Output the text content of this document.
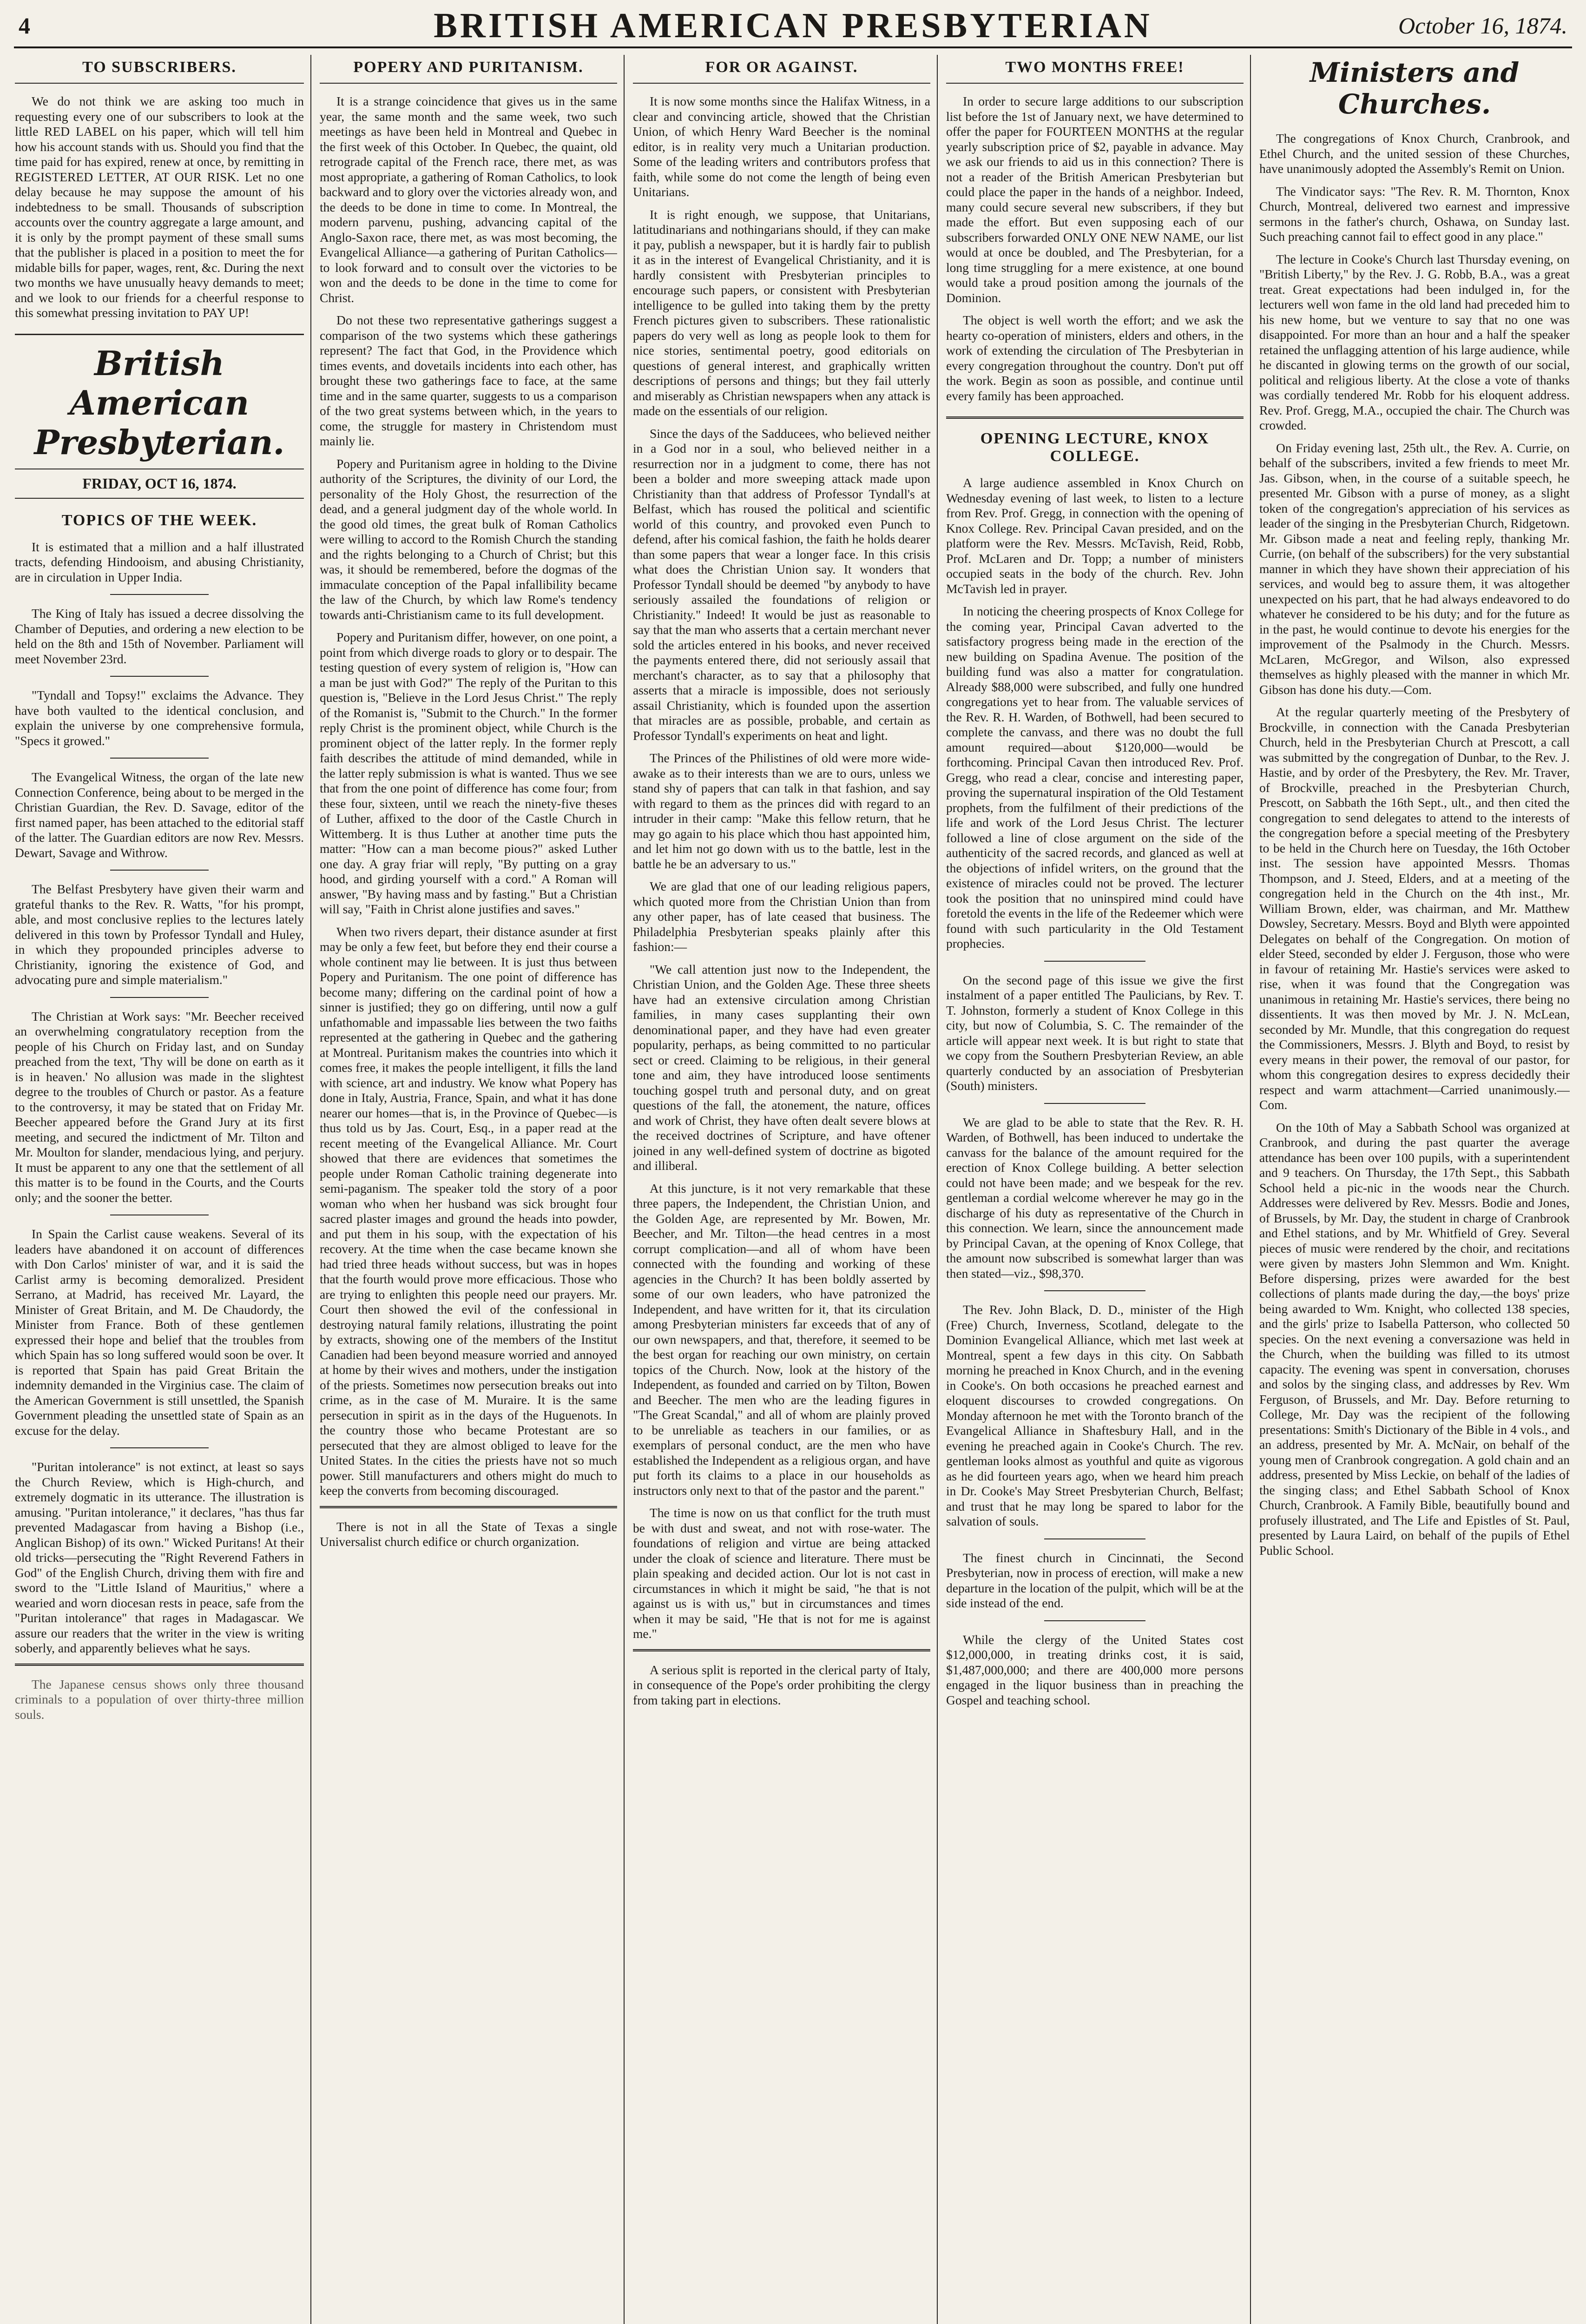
4	BRITISH AMERICAN PRESBYTERIAN	October 16, 1874.
TO SUBSCRIBERS.

We do not think we are asking too much in requesting every one of our subscribers to look at the little RED LABEL on his paper, which will tell him how his account stands with us. Should you find that the time paid for has expired, renew at once, by remitting in REGISTERED LETTER, AT OUR RISK. Let no one delay because he may suppose the amount of his indebtedness to be small. Thousands of subscription accounts over the country aggregate a large amount, and it is only by the prompt payment of these small sums that the publisher is placed in a position to meet the for midable bills for paper, wages, rent, &c. During the next two months we have unusually heavy demands to meet; and we look to our friends for a cheerful response to this somewhat pressing invitation to PAY UP!

British American Presbyterian.
FRIDAY, OCT 16, 1874.
TOPICS OF THE WEEK.

It is estimated that a million and a half illustrated tracts, defending Hindooism, and abusing Christianity, are in circulation in Upper India.

The King of Italy has issued a decree dissolving the Chamber of Deputies, and ordering a new election to be held on the 8th and 15th of November. Parliament will meet November 23rd.

"Tyndall and Topsy!" exclaims the Advance. They have both vaulted to the identical conclusion, and explain the universe by one comprehensive formula, "Specs it growed."

The Evangelical Witness, the organ of the late new Connection Conference, being about to be merged in the Christian Guardian, the Rev. D. Savage, editor of the first named paper, has been attached to the editorial staff of the latter. The Guardian editors are now Rev. Messrs. Dewart, Savage and Withrow.

The Belfast Presbytery have given their warm and grateful thanks to the Rev. R. Watts, "for his prompt, able, and most conclusive replies to the lectures lately delivered in this town by Professor Tyndall and Huley, in which they propounded principles adverse to Christianity, ignoring the existence of God, and advocating pure and simple materialism."

The Christian at Work says: "Mr. Beecher received an overwhelming congratulatory reception from the people of his Church on Friday last, and on Sunday preached from the text, 'Thy will be done on earth as it is in heaven.' No allusion was made in the slightest degree to the troubles of Church or pastor. As a feature to the controversy, it may be stated that on Friday Mr. Beecher appeared before the Grand Jury at its first meeting, and secured the indictment of Mr. Tilton and Mr. Moulton for slander, mendacious lying, and perjury. It must be apparent to any one that the settlement of all this matter is to be found in the Courts, and the Courts only; and the sooner the better.

In Spain the Carlist cause weakens. Several of its leaders have abandoned it on account of differences with Don Carlos' minister of war, and it is said the Carlist army is becoming demoralized. President Serrano, at Madrid, has received Mr. Layard, the Minister of Great Britain, and M. De Chaudordy, the Minister from France. Both of these gentlemen expressed their hope and belief that the troubles from which Spain has so long suffered would soon be over. It is reported that Spain has paid Great Britain the indemnity demanded in the Virginius case. The claim of the American Government is still unsettled, the Spanish Government pleading the unsettled state of Spain as an excuse for the delay.

"Puritan intolerance" is not extinct, at least so says the Church Review, which is High-church, and extremely dogmatic in its utterance. The illustration is amusing. "Puritan intolerance," it declares, "has thus far prevented Madagascar from having a Bishop (i.e., Anglican Bishop) of its own." Wicked Puritans! At their old tricks—persecuting the "Right Reverend Fathers in God" of the English Church, driving them with fire and sword to the "Little Island of Mauritius," where a wearied and worn diocesan rests in peace, safe from the "Puritan intolerance" that rages in Madagascar. We assure our readers that the writer in the view is writing soberly, and apparently believes what he says.

The Japanese census shows only three thousand criminals to a population of over thirty-three million souls.

POPERY AND PURITANISM.

It is a strange coincidence that gives us in the same year, the same month and the same week, two such meetings as have been held in Montreal and Quebec in the first week of this October. In Quebec, the quaint, old retrograde capital of the French race, there met, as was most appropriate, a gathering of Roman Catholics, to look backward and to glory over the victories already won, and the deeds to be done in time to come. In Montreal, the modern parvenu, pushing, advancing capital of the Anglo-Saxon race, there met, as was most becoming, the Evangelical Alliance—a gathering of Puritan Catholics—to look forward and to consult over the victories to be won and the deeds to be done in the time to come for Christ.

Do not these two representative gatherings suggest a comparison of the two systems which these gatherings represent? The fact that God, in the Providence which times events, and dovetails incidents into each other, has brought these two gatherings face to face, at the same time and in the same quarter, suggests to us a comparison of the two great systems between which, in the years to come, the struggle for mastery in Christendom must mainly lie.

Popery and Puritanism agree in holding to the Divine authority of the Scriptures, the divinity of our Lord, the personality of the Holy Ghost, the resurrection of the dead, and a general judgment day of the whole world. In the good old times, the great bulk of Roman Catholics were willing to accord to the Romish Church the standing and the rights belonging to a Church of Christ; but this was, it should be remembered, before the dogmas of the immaculate conception of the Papal infallibility became the law of the Church, by which law Rome's tendency towards anti-Christianism came to its full development.

Popery and Puritanism differ, however, on one point, a point from which diverge roads to glory or to despair. The testing question of every system of religion is, "How can a man be just with God?" The reply of the Puritan to this question is, "Believe in the Lord Jesus Christ." The reply of the Romanist is, "Submit to the Church." In the former reply Christ is the prominent object, while Church is the prominent object of the latter reply. In the former reply faith describes the attitude of mind demanded, while in the latter reply submission is what is wanted. Thus we see that from the one point of difference has come four; from these four, sixteen, until we reach the ninety-five theses of Luther, affixed to the door of the Castle Church in Wittemberg. It is thus Luther at another time puts the matter: "How can a man become pious?" asked Luther one day. A gray friar will reply, "By putting on a gray hood, and girding yourself with a cord." A Roman will answer, "By having mass and by fasting." But a Christian will say, "Faith in Christ alone justifies and saves."

When two rivers depart, their distance asunder at first may be only a few feet, but before they end their course a whole continent may lie between. It is just thus between Popery and Puritanism. The one point of difference has become many; differing on the cardinal point of how a sinner is justified; they go on differing, until now a gulf unfathomable and impassable lies between the two faiths represented at the gathering in Quebec and the gathering at Montreal. Puritanism makes the countries into which it comes free, it makes the people intelligent, it fills the land with science, art and industry. We know what Popery has done in Italy, Austria, France, Spain, and what it has done nearer our homes—that is, in the Province of Quebec—is thus told us by Jas. Court, Esq., in a paper read at the recent meeting of the Evangelical Alliance. Mr. Court showed that there are evidences that sometimes the people under Roman Catholic training degenerate into semi-paganism. The speaker told the story of a poor woman who when her husband was sick brought four sacred plaster images and ground the heads into powder, and put them in his soup, with the expectation of his recovery. At the time when the case became known she had tried three heads without success, but was in hopes that the fourth would prove more efficacious. Those who are trying to enlighten this people need our prayers. Mr. Court then showed the evil of the confessional in destroying natural family relations, illustrating the point by extracts, showing one of the members of the Institut Canadien had been beyond measure worried and annoyed at home by their wives and mothers, under the instigation of the priests. Sometimes now persecution breaks out into crime, as in the case of M. Muraire. It is the same persecution in spirit as in the days of the Huguenots. In the country those who became Protestant are so persecuted that they are almost obliged to leave for the United States. In the cities the priests have not so much power. Still manufacturers and others might do much to keep the converts from becoming discouraged.

There is not in all the State of Texas a single Universalist church edifice or church organization.

FOR OR AGAINST.

It is now some months since the Halifax Witness, in a clear and convincing article, showed that the Christian Union, of which Henry Ward Beecher is the nominal editor, is in reality very much a Unitarian production. Some of the leading writers and contributors profess that faith, while some do not come the length of being even Unitarians.

It is right enough, we suppose, that Unitarians, latitudinarians and nothingarians should, if they can make it pay, publish a newspaper, but it is hardly fair to publish it as in the interest of Evangelical Christianity, and it is hardly consistent with Presbyterian principles to encourage such papers, or consistent with Presbyterian intelligence to be gulled into taking them by the pretty French pictures given to subscribers. These rationalistic papers do very well as long as people look to them for nice stories, sentimental poetry, good editorials on questions of general interest, and graphically written descriptions of persons and things; but they fail utterly and miserably as Christian newspapers when any attack is made on the essentials of our religion.

Since the days of the Sadducees, who believed neither in a God nor in a soul, who believed neither in a resurrection nor in a judgment to come, there has not been a bolder and more sweeping attack made upon Christianity than that address of Professor Tyndall's at Belfast, which has roused the political and scientific world of this country, and provoked even Punch to defend, after his comical fashion, the faith he holds dearer than some papers that wear a longer face. In this crisis what does the Christian Union say. It wonders that Professor Tyndall should be deemed "by anybody to have seriously assailed the foundations of religion or Christianity." Indeed! It would be just as reasonable to say that the man who asserts that a certain merchant never sold the articles entered in his books, and never received the payments entered there, did not seriously assail that merchant's character, as to say that a philosophy that asserts that a miracle is impossible, does not seriously assail Christianity, which is founded upon the assertion that miracles are as possible, probable, and certain as Professor Tyndall's experiments on heat and light.

The Princes of the Philistines of old were more wide-awake as to their interests than we are to ours, unless we stand shy of papers that can talk in that fashion, and say with regard to them as the princes did with regard to an intruder in their camp: "Make this fellow return, that he may go again to his place which thou hast appointed him, and let him not go down with us to the battle, lest in the battle he be an adversary to us."

We are glad that one of our leading religious papers, which quoted more from the Christian Union than from any other paper, has of late ceased that business. The Philadelphia Presbyterian speaks plainly after this fashion:—

"We call attention just now to the Independent, the Christian Union, and the Golden Age. These three sheets have had an extensive circulation among Christian families, in many cases supplanting their own denominational paper, and they have had even greater popularity, perhaps, as being committed to no particular sect or creed. Claiming to be religious, in their general tone and aim, they have introduced loose sentiments touching gospel truth and personal duty, and on great questions of the fall, the atonement, the nature, offices and work of Christ, they have often dealt severe blows at the received doctrines of Scripture, and have oftener joined in any well-defined system of doctrine as bigoted and illiberal.

At this juncture, is it not very remarkable that these three papers, the Independent, the Christian Union, and the Golden Age, are represented by Mr. Bowen, Mr. Beecher, and Mr. Tilton—the head centres in a most corrupt complication—and all of whom have been connected with the founding and working of these agencies in the Church? It has been boldly asserted by some of our own leaders, who have patronized the Independent, and have written for it, that its circulation among Presbyterian ministers far exceeds that of any of our own newspapers, and that, therefore, it seemed to be the best organ for reaching our own ministry, on certain topics of the Church. Now, look at the history of the Independent, as founded and carried on by Tilton, Bowen and Beecher. The men who are the leading figures in "The Great Scandal," and all of whom are plainly proved to be unreliable as teachers in our families, or as exemplars of personal conduct, are the men who have established the Independent as a religious organ, and have put forth its claims to a place in our households as instructors only next to that of the pastor and the parent."

The time is now on us that conflict for the truth must be with dust and sweat, and not with rose-water. The foundations of religion and virtue are being attacked under the cloak of science and literature. There must be plain speaking and decided action. Our lot is not cast in circumstances in which it might be said, "he that is not against us is with us," but in circumstances and times when it may be said, "He that is not for me is against me."

A serious split is reported in the clerical party of Italy, in consequence of the Pope's order prohibiting the clergy from taking part in elections.

TWO MONTHS FREE!

In order to secure large additions to our subscription list before the 1st of January next, we have determined to offer the paper for FOURTEEN MONTHS at the regular yearly subscription price of $2, payable in advance. May we ask our friends to aid us in this connection? There is not a reader of the British American Presbyterian but could place the paper in the hands of a neighbor. Indeed, many could secure several new subscribers, if they but made the effort. But even supposing each of our subscribers forwarded ONLY ONE NEW NAME, our list would at once be doubled, and The Presbyterian, for a long time struggling for a mere existence, at one bound would take a proud position among the journals of the Dominion.

The object is well worth the effort; and we ask the hearty co-operation of ministers, elders and others, in the work of extending the circulation of The Presbyterian in every congregation throughout the country. Don't put off the work. Begin as soon as possible, and continue until every family has been approached.

OPENING LECTURE, KNOX COLLEGE.

A large audience assembled in Knox Church on Wednesday evening of last week, to listen to a lecture from Rev. Prof. Gregg, in connection with the opening of Knox College. Rev. Principal Cavan presided, and on the platform were the Rev. Messrs. McTavish, Reid, Robb, Prof. McLaren and Dr. Topp; a number of ministers occupied seats in the body of the church. Rev. John McTavish led in prayer.

In noticing the cheering prospects of Knox College for the coming year, Principal Cavan adverted to the satisfactory progress being made in the erection of the new building on Spadina Avenue. The position of the building fund was also a matter for congratulation. Already $88,000 were subscribed, and fully one hundred congregations yet to hear from. The valuable services of the Rev. R. H. Warden, of Bothwell, had been secured to complete the canvass, and there was no doubt the full amount required—about $120,000—would be forthcoming. Principal Cavan then introduced Rev. Prof. Gregg, who read a clear, concise and interesting paper, proving the supernatural inspiration of the Old Testament prophets, from the fulfilment of their predictions of the life and work of the Lord Jesus Christ. The lecturer followed a line of close argument on the side of the authenticity of the sacred records, and glanced as well at the objections of infidel writers, on the ground that the existence of miracles could not be proved. The lecturer took the position that no uninspired mind could have foretold the events in the life of the Redeemer which were found with such particularity in the Old Testament prophecies.

On the second page of this issue we give the first instalment of a paper entitled The Paulicians, by Rev. T. T. Johnston, formerly a student of Knox College in this city, but now of Columbia, S. C. The remainder of the article will appear next week. It is but right to state that we copy from the Southern Presbyterian Review, an able quarterly conducted by an association of Presbyterian (South) ministers.

We are glad to be able to state that the Rev. R. H. Warden, of Bothwell, has been induced to undertake the canvass for the balance of the amount required for the erection of Knox College building. A better selection could not have been made; and we bespeak for the rev. gentleman a cordial welcome wherever he may go in the discharge of his duty as representative of the Church in this connection. We learn, since the announcement made by Principal Cavan, at the opening of Knox College, that the amount now subscribed is somewhat larger than was then stated—viz., $98,370.

The Rev. John Black, D. D., minister of the High (Free) Church, Inverness, Scotland, delegate to the Dominion Evangelical Alliance, which met last week at Montreal, spent a few days in this city. On Sabbath morning he preached in Knox Church, and in the evening in Cooke's. On both occasions he preached earnest and eloquent discourses to crowded congregations. On Monday afternoon he met with the Toronto branch of the Evangelical Alliance in Shaftesbury Hall, and in the evening he preached again in Cooke's Church. The rev. gentleman looks almost as youthful and quite as vigorous as he did fourteen years ago, when we heard him preach in Dr. Cooke's May Street Presbyterian Church, Belfast; and trust that he may long be spared to labor for the salvation of souls.

The finest church in Cincinnati, the Second Presbyterian, now in process of erection, will make a new departure in the location of the pulpit, which will be at the side instead of the end.

While the clergy of the United States cost $12,000,000, in treating drinks cost, it is said, $1,487,000,000; and there are 400,000 more persons engaged in the liquor business than in preaching the Gospel and teaching school.

Ministers and Churches.

The congregations of Knox Church, Cranbrook, and Ethel Church, and the united session of these Churches, have unanimously adopted the Assembly's Remit on Union.

The Vindicator says: "The Rev. R. M. Thornton, Knox Church, Montreal, delivered two earnest and impressive sermons in the father's church, Oshawa, on Sunday last. Such preaching cannot fail to effect good in any place."

The lecture in Cooke's Church last Thursday evening, on "British Liberty," by the Rev. J. G. Robb, B.A., was a great treat. Great expectations had been indulged in, for the lecturers well won fame in the old land had preceded him to his new home, but we venture to say that no one was disappointed. For more than an hour and a half the speaker retained the unflagging attention of his large audience, while he discanted in glowing terms on the growth of our social, political and religious liberty. At the close a vote of thanks was cordially tendered Mr. Robb for his eloquent address. Rev. Prof. Gregg, M.A., occupied the chair. The Church was crowded.

On Friday evening last, 25th ult., the Rev. A. Currie, on behalf of the subscribers, invited a few friends to meet Mr. Jas. Gibson, when, in the course of a suitable speech, he presented Mr. Gibson with a purse of money, as a slight token of the congregation's appreciation of his services as leader of the singing in the Presbyterian Church, Ridgetown. Mr. Gibson made a neat and feeling reply, thanking Mr. Currie, (on behalf of the subscribers) for the very substantial manner in which they have shown their appreciation of his services, and would beg to assure them, it was altogether unexpected on his part, that he had always endeavored to do whatever he considered to be his duty; and for the future as in the past, he would continue to devote his energies for the improvement of the Psalmody in the Church. Messrs. McLaren, McGregor, and Wilson, also expressed themselves as highly pleased with the manner in which Mr. Gibson has done his duty.—Com.

At the regular quarterly meeting of the Presbytery of Brockville, in connection with the Canada Presbyterian Church, held in the Presbyterian Church at Prescott, a call was submitted by the congregation of Dunbar, to the Rev. J. Hastie, and by order of the Presbytery, the Rev. Mr. Traver, of Brockville, preached in the Presbyterian Church, Prescott, on Sabbath the 16th Sept., ult., and then cited the congregation to send delegates to attend to the interests of the congregation before a special meeting of the Presbytery to be held in the Church here on Tuesday, the 16th October inst. The session have appointed Messrs. Thomas Thompson, and J. Steed, Elders, and at a meeting of the congregation held in the Church on the 4th inst., Mr. William Brown, elder, was chairman, and Mr. Matthew Dowsley, Secretary. Messrs. Boyd and Blyth were appointed Delegates on behalf of the Congregation. On motion of elder Steed, seconded by elder J. Ferguson, those who were in favour of retaining Mr. Hastie's services were asked to rise, when it was found that the Congregation was unanimous in retaining Mr. Hastie's services, there being no dissentients. It was then moved by Mr. J. N. McLean, seconded by Mr. Mundle, that this congregation do request the Commissioners, Messrs. J. Blyth and Boyd, to resist by every means in their power, the removal of our pastor, for whom this congregation desires to express decidedly their respect and warm attachment—Carried unanimously.—Com.

On the 10th of May a Sabbath School was organized at Cranbrook, and during the past quarter the average attendance has been over 100 pupils, with a superintendent and 9 teachers. On Thursday, the 17th Sept., this Sabbath School held a pic-nic in the woods near the Church. Addresses were delivered by Rev. Messrs. Bodie and Jones, of Brussels, by Mr. Day, the student in charge of Cranbrook and Ethel stations, and by Mr. Whitfield of Grey. Several pieces of music were rendered by the choir, and recitations were given by masters John Slemmon and Wm. Knight. Before dispersing, prizes were awarded for the best collections of plants made during the day,—the boys' prize being awarded to Wm. Knight, who collected 138 species, and the girls' prize to Isabella Patterson, who collected 50 species. On the next evening a conversazione was held in the Church, when the building was filled to its utmost capacity. The evening was spent in conversation, choruses and solos by the singing class, and addresses by Rev. Wm Ferguson, of Brussels, and Mr. Day. Before returning to College, Mr. Day was the recipient of the following presentations: Smith's Dictionary of the Bible in 4 vols., and an address, presented by Mr. A. McNair, on behalf of the young men of Cranbrook congregation. A gold chain and an address, presented by Miss Leckie, on behalf of the ladies of the singing class; and Ethel Sabbath School of Knox Church, Cranbrook. A Family Bible, beautifully bound and profusely illustrated, and The Life and Epistles of St. Paul, presented by Laura Laird, on behalf of the pupils of Ethel Public School.
